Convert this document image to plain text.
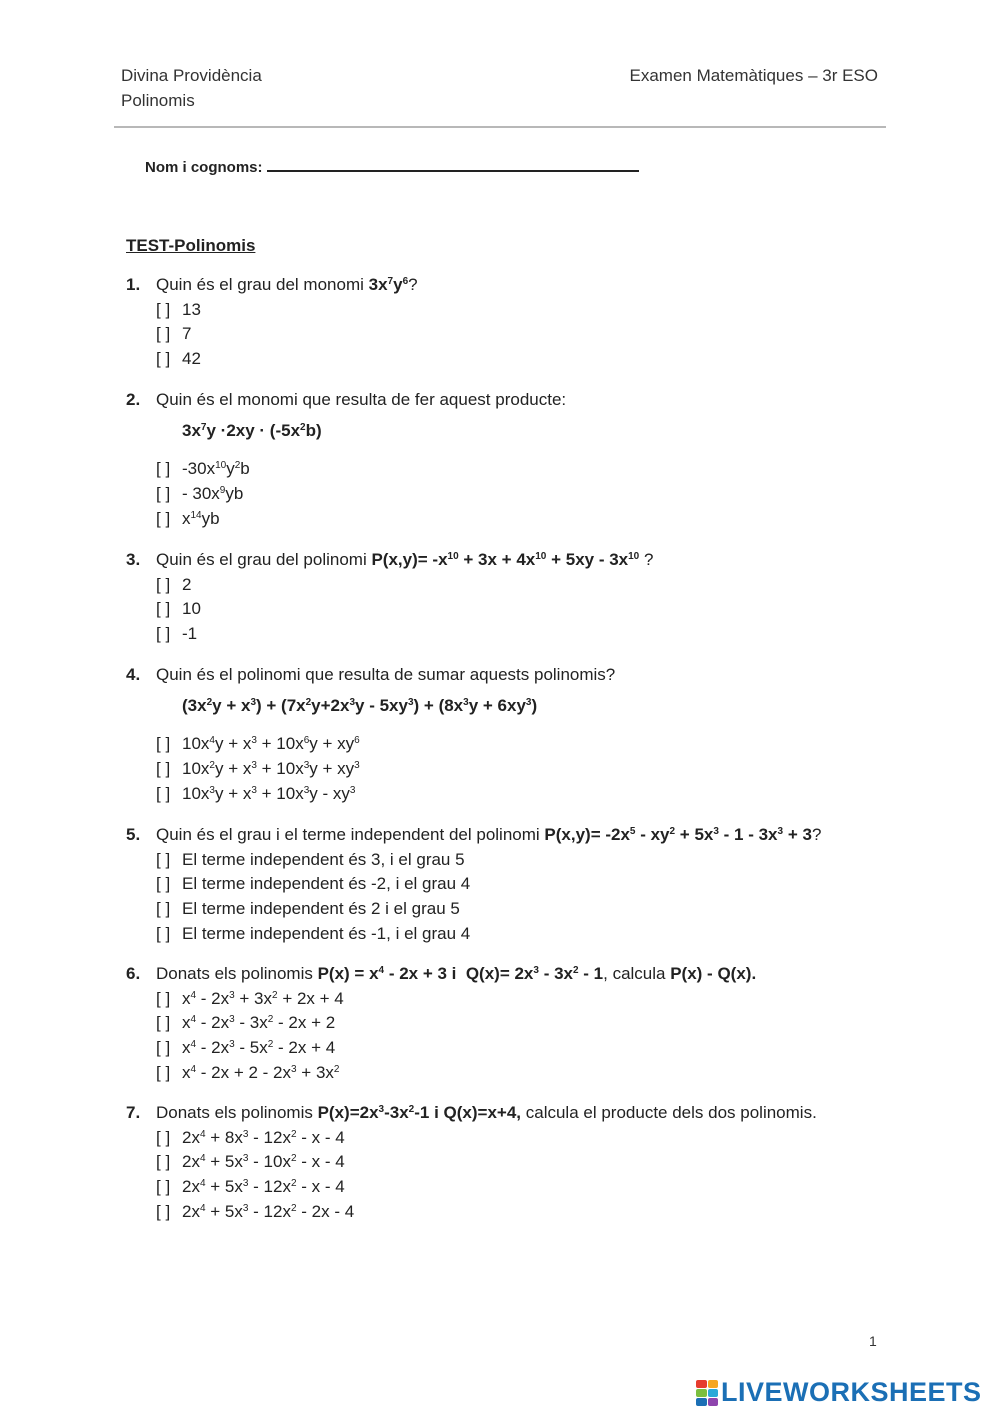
Divina Providència
Polinomis
Examen Matemàtiques – 3r ESO
Nom i cognoms:
TEST-Polinomis
1. Quin és el grau del monomi $3x^7y^6$?
[ ] 13
[ ] 7
[ ] 42
2. Quin és el monomi que resulta de fer aquest producte:
$3x^7y \cdot 2xy \cdot (-5x^2b)$
[ ] $-30x^{10}y^2b$
[ ] - $30x^9yb$
[ ] $x^{14}yb$
3. Quin és el grau del polinomi $P(x,y)= -x^{10} + 3x + 4x^{10} + 5xy - 3x^{10}$ ?
[ ] 2
[ ] 10
[ ] -1
4. Quin és el polinomi que resulta de sumar aquests polinomis?
$(3x^2y + x^3) + (7x^2y+2x^3y - 5xy^3) + (8x^3y + 6xy^3)$
[ ] $10x^4y + x^3 + 10x^6y + xy^6$
[ ] $10x^2y + x^3 + 10x^3y + xy^3$
[ ] $10x^3y + x^3 + 10x^3y - xy^3$
5. Quin és el grau i el terme independent del polinomi $P(x,y)= -2x^5 - xy^2 + 5x^3 - 1 - 3x^3 + 3$?
[ ] El terme independent és 3, i el grau 5
[ ] El terme independent és -2, i el grau 4
[ ] El terme independent és 2 i el grau 5
[ ] El terme independent és -1, i el grau 4
6. Donats els polinomis $P(x) = x^4 - 2x + 3$ i  $Q(x)= 2x^3 - 3x^2 - 1$, calcula P(x) - Q(x).
[ ] $x^4 - 2x^3 + 3x^2 + 2x + 4$
[ ] $x^4 - 2x^3 - 3x^2 - 2x + 2$
[ ] $x^4 - 2x^3 - 5x^2 - 2x + 4$
[ ] $x^4 - 2x + 2 - 2x^3 + 3x^2$
7. Donats els polinomis $P(x)=2x^3-3x^2-1$ i Q(x)=x+4, calcula el producte dels dos polinomis.
[ ] $2x^4 + 8x^3 - 12x^2 - x - 4$
[ ] $2x^4 + 5x^3 - 10x^2 - x - 4$
[ ] $2x^4 + 5x^3 - 12x^2 - x - 4$
[ ] $2x^4 + 5x^3 - 12x^2 - 2x - 4$
1
LIVEWORKSHEETS
